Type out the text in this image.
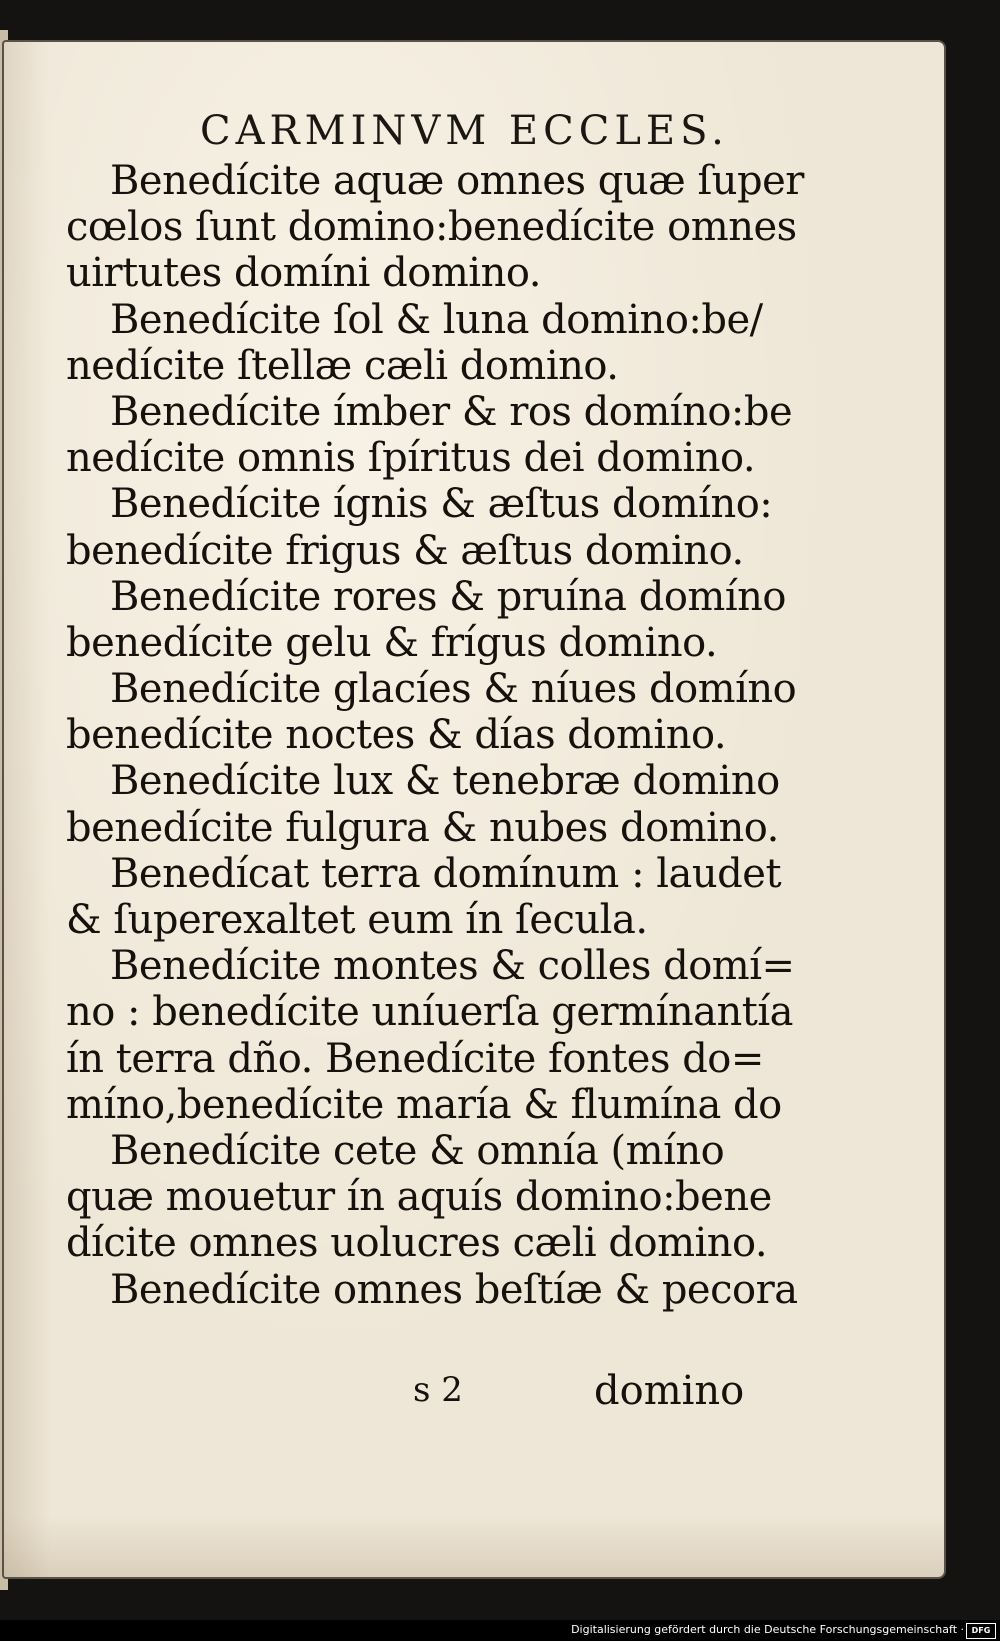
CARMINVM ECCLES.
Benedícite aquæ omnes quæ ſuper
cœlos ſunt domino:benedícite omnes
uirtutes domíni domino.
Benedícite ſol & luna domino:be/
nedícite ſtellæ cæli domino.
Benedícite ímber & ros domíno:be
nedícite omnis ſpíritus dei domino.
Benedícite ígnis & æſtus domíno:
benedícite frigus & æſtus domino.
Benedícite rores & pruína domíno
benedícite gelu & frígus domino.
Benedícite glacíes & níues domíno
benedícite noctes & días domino.
Benedícite lux & tenebræ domino
benedícite fulgura & nubes domino.
Benedícat terra domínum : laudet
& ſuperexaltet eum ín ſecula.
Benedícite montes & colles domí=
no : benedícite uníuerſa germínantía
ín terra dño. Benedícite fontes do=
míno,benedícite maría & flumína do
Benedícite cete & omnía (míno
quæ mouetur ín aquís domino:bene
dícite omnes uolucres cæli domino.
Benedícite omnes beſtíæ & pecora
s 2	domino
Digitalisierung gefördert durch die Deutsche Forschungsgemeinschaft · DFG
